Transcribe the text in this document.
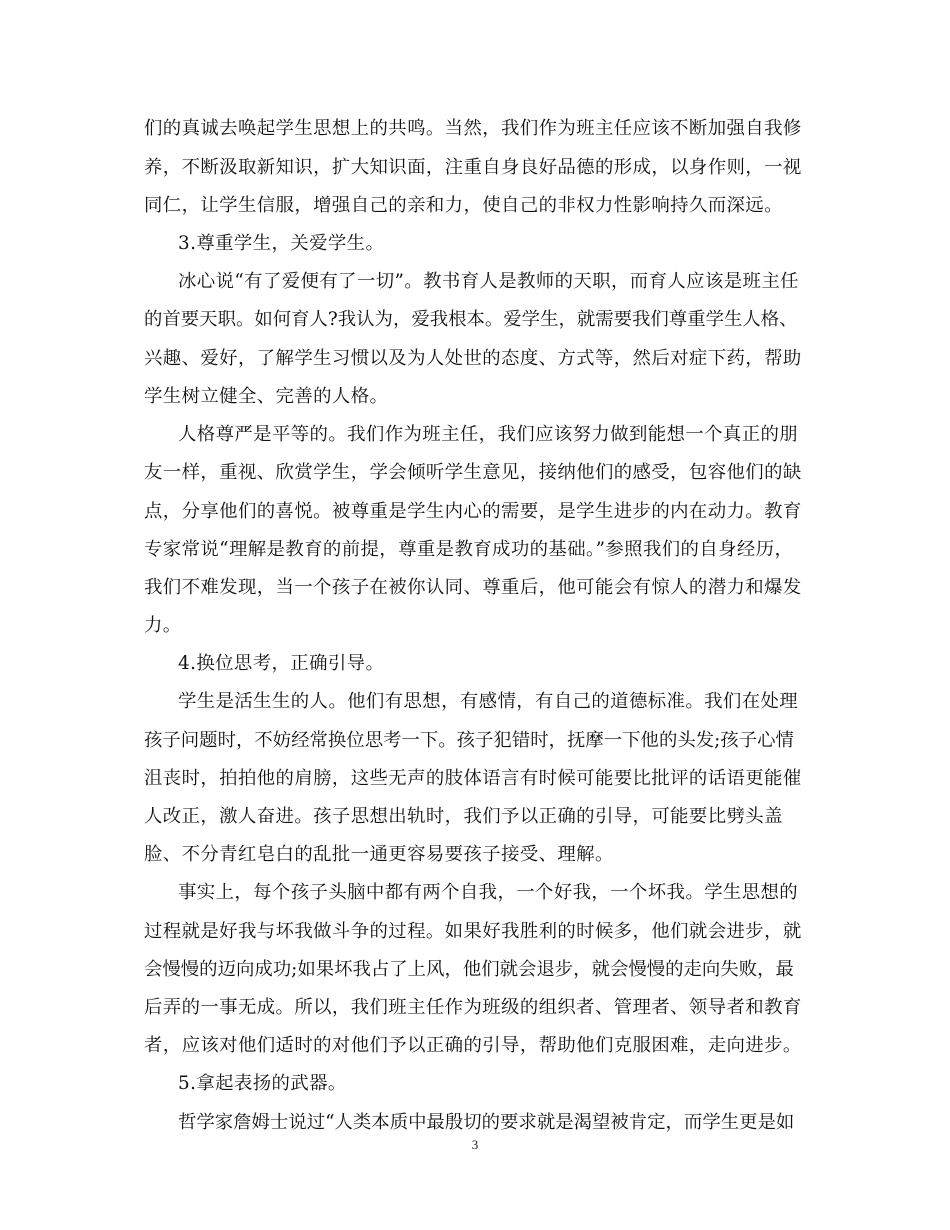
们的真诚去唤起学生思想上的共鸣。当然，我们作为班主任应该不断加强自我修
养，不断汲取新知识，扩大知识面，注重自身良好品德的形成，以身作则，一视
同仁，让学生信服，增强自己的亲和力，使自己的非权力性影响持久而深远。
3.尊重学生，关爱学生。
冰心说“有了爱便有了一切”。教书育人是教师的天职，而育人应该是班主任
的首要天职。如何育人?我认为，爱我根本。爱学生，就需要我们尊重学生人格、
兴趣、爱好，了解学生习惯以及为人处世的态度、方式等，然后对症下药，帮助
学生树立健全、完善的人格。
人格尊严是平等的。我们作为班主任，我们应该努力做到能想一个真正的朋
友一样，重视、欣赏学生，学会倾听学生意见，接纳他们的感受，包容他们的缺
点，分享他们的喜悦。被尊重是学生内心的需要，是学生进步的内在动力。教育
专家常说“理解是教育的前提，尊重是教育成功的基础。”参照我们的自身经历，
我们不难发现，当一个孩子在被你认同、尊重后，他可能会有惊人的潜力和爆发
力。
4.换位思考，正确引导。
学生是活生生的人。他们有思想，有感情，有自己的道德标准。我们在处理
孩子问题时，不妨经常换位思考一下。孩子犯错时，抚摩一下他的头发;孩子心情
沮丧时，拍拍他的肩膀，这些无声的肢体语言有时候可能要比批评的话语更能催
人改正，激人奋进。孩子思想出轨时，我们予以正确的引导，可能要比劈头盖
脸、不分青红皂白的乱批一通更容易要孩子接受、理解。
事实上，每个孩子头脑中都有两个自我，一个好我，一个坏我。学生思想的
过程就是好我与坏我做斗争的过程。如果好我胜利的时候多，他们就会进步，就
会慢慢的迈向成功;如果坏我占了上风，他们就会退步，就会慢慢的走向失败，最
后弄的一事无成。所以，我们班主任作为班级的组织者、管理者、领导者和教育
者，应该对他们适时的对他们予以正确的引导，帮助他们克服困难，走向进步。
5.拿起表扬的武器。
哲学家詹姆士说过“人类本质中最殷切的要求就是渴望被肯定，而学生更是如
3
